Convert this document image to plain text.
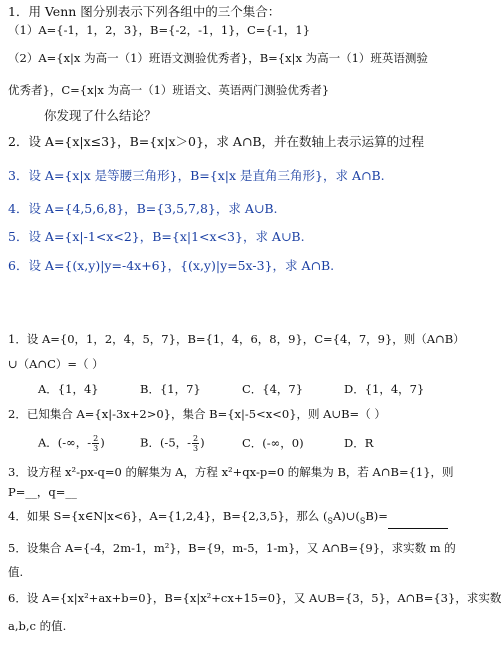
1．用 Venn 图分别表示下列各组中的三个集合：
（1）A={-1，1，2，3}，B={-2，-1，1}，C={-1，1}
（2）A={x|x 为高一（1）班语文测验优秀者}，B={x|x 为高一（1）班英语测验
优秀者}，C={x|x 为高一（1）班语文、英语两门测验优秀者}
你发现了什么结论？
2．设 A={x|x≤3}，B={x|x＞0}，求 A∩B，并在数轴上表示运算的过程
3．设 A={x|x 是等腰三角形}，B={x|x 是直角三角形}，求 A∩B.
4．设 A={4,5,6,8}，B={3,5,7,8}，求 A∪B.
5．设 A={x|-1<x<2}，B={x|1<x<3}，求 A∪B.
6．设 A={(x,y)|y=-4x+6}，{(x,y)|y=5x-3}，求 A∩B.
1．设 A={0，1，2，4，5，7}，B={1，4，6，8，9}，C={4，7，9}，则（A∩B）
∪（A∩C）=（ ）
A．{1，4}	B．{1，7}	C．{4，7}	D．{1，4，7}
2．已知集合 A={x|-3x+2>0}，集合 B={x|-5<x<0}，则 A∪B=（ ）
A．(-∞，- $\frac{2}{3}$ )	B．(-5，- $\frac{2}{3}$ )	C．(-∞，0)	D．R
3．设方程 x²-px-q=0 的解集为 A，方程 x²+qx-p=0 的解集为 B，若 A∩B={1}，则
P=__，q=__
4．如果 S={x∈N|x<6}，A={1,2,4}，B={2,3,5}，那么 $(_SA)\cup(_SB)=$
5．设集合 A={-4，2m-1，m²}，B={9，m-5，1-m}，又 A∩B={9}，求实数 m 的
值.
6．设 A={x|x²+ax+b=0}，B={x|x²+cx+15=0}，又 A∪B={3，5}，A∩B={3}，求实数
a,b,c 的值.
